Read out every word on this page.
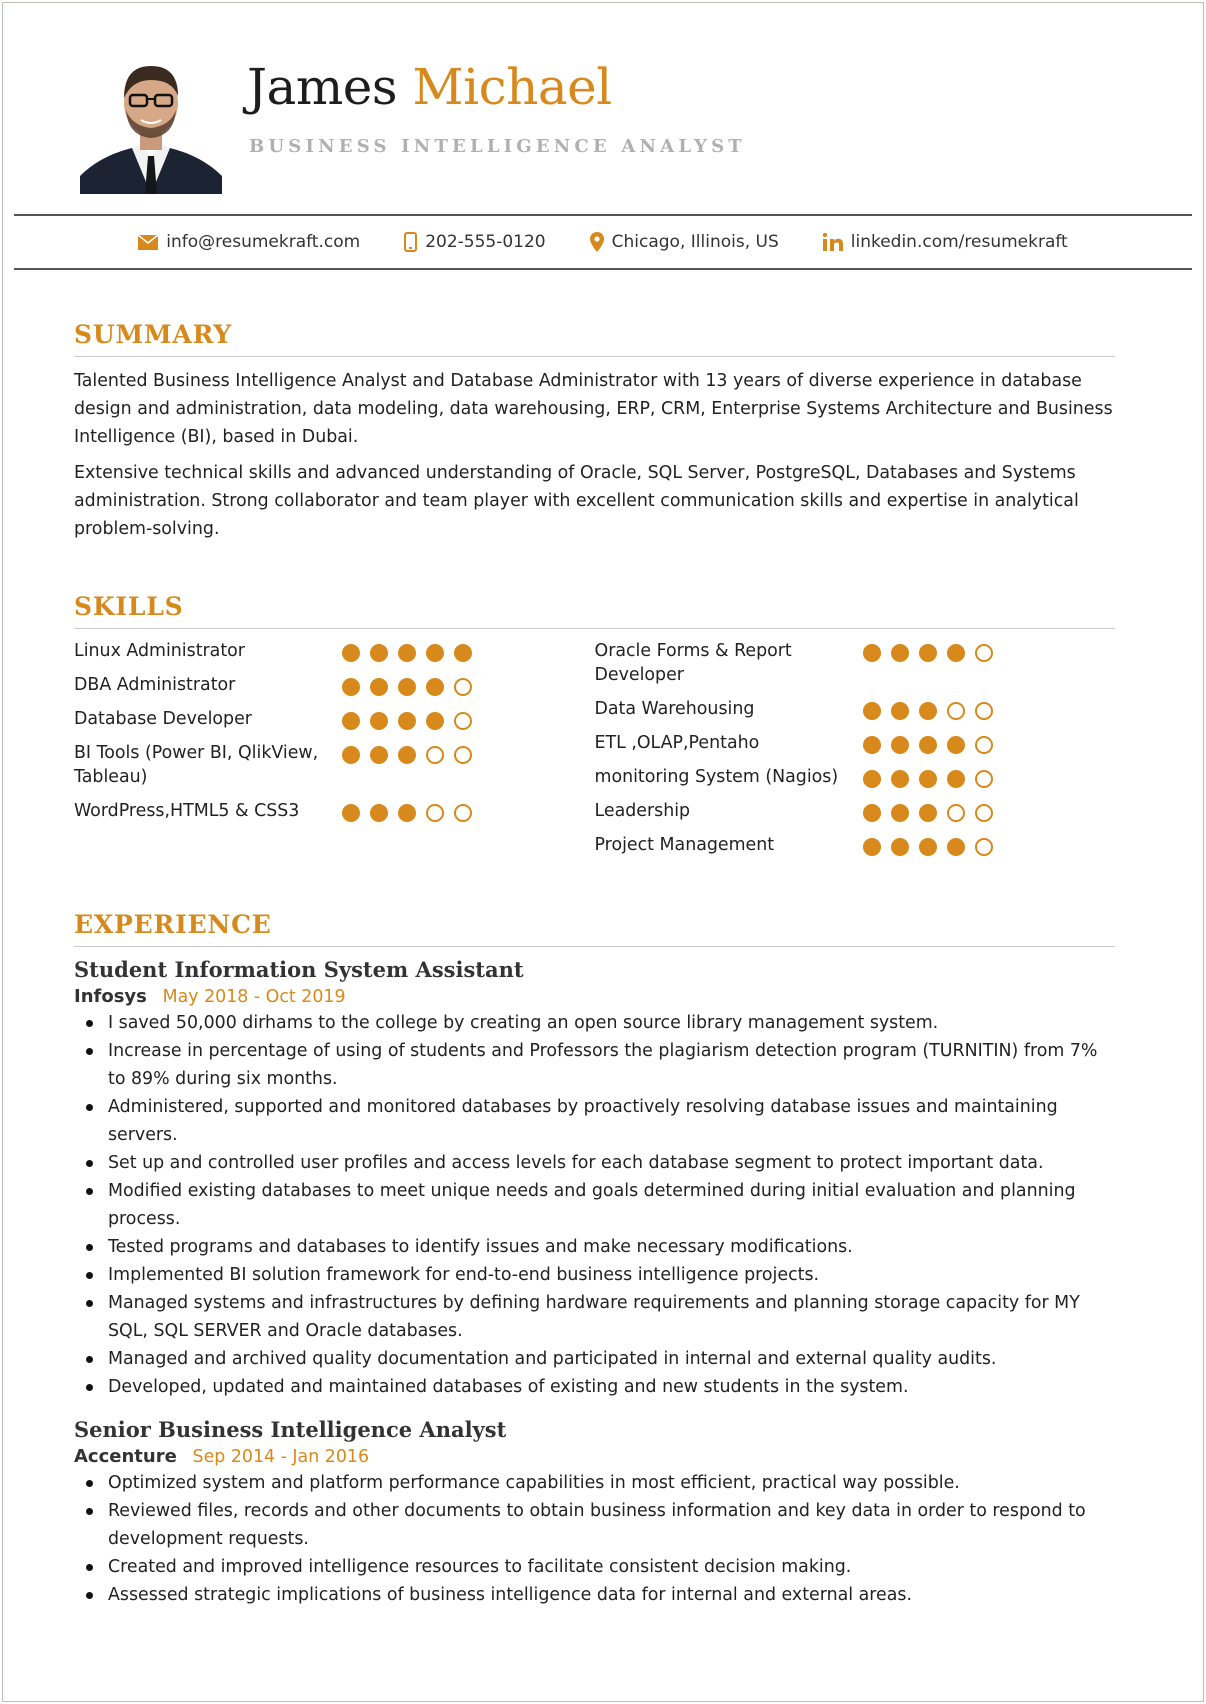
James Michael
BUSINESS INTELLIGENCE ANALYST
info@resumekraft.com	202-555-0120	Chicago, Illinois, US	linkedin.com/resumekraft
SUMMARY

Talented Business Intelligence Analyst and Database Administrator with 13 years of diverse experience in database design and administration, data modeling, data warehousing, ERP, CRM, Enterprise Systems Architecture and Business Intelligence (BI), based in Dubai.

Extensive technical skills and advanced understanding of Oracle, SQL Server, PostgreSQL, Databases and Systems administration. Strong collaborator and team player with excellent communication skills and expertise in analytical problem-solving.

SKILLS
Linux Administrator
DBA Administrator
Database Developer
BI Tools (Power BI, QlikView, Tableau)
WordPress,HTML5 & CSS3
Oracle Forms & Report Developer
Data Warehousing
ETL ,OLAP,Pentaho
monitoring System (Nagios)
Leadership
Project Management
EXPERIENCE
Student Information System Assistant
Infosys May 2018 - Oct 2019
I saved 50,000 dirhams to the college by creating an open source library management system.
Increase in percentage of using of students and Professors the plagiarism detection program (TURNITIN) from 7% to 89% during six months.
Administered, supported and monitored databases by proactively resolving database issues and maintaining servers.
Set up and controlled user profiles and access levels for each database segment to protect important data.
Modified existing databases to meet unique needs and goals determined during initial evaluation and planning process.
Tested programs and databases to identify issues and make necessary modifications.
Implemented BI solution framework for end-to-end business intelligence projects.
Managed systems and infrastructures by defining hardware requirements and planning storage capacity for MY SQL, SQL SERVER and Oracle databases.
Managed and archived quality documentation and participated in internal and external quality audits.
Developed, updated and maintained databases of existing and new students in the system.
Senior Business Intelligence Analyst
Accenture Sep 2014 - Jan 2016
Optimized system and platform performance capabilities in most efficient, practical way possible.
Reviewed files, records and other documents to obtain business information and key data in order to respond to development requests.
Created and improved intelligence resources to facilitate consistent decision making.
Assessed strategic implications of business intelligence data for internal and external areas.
